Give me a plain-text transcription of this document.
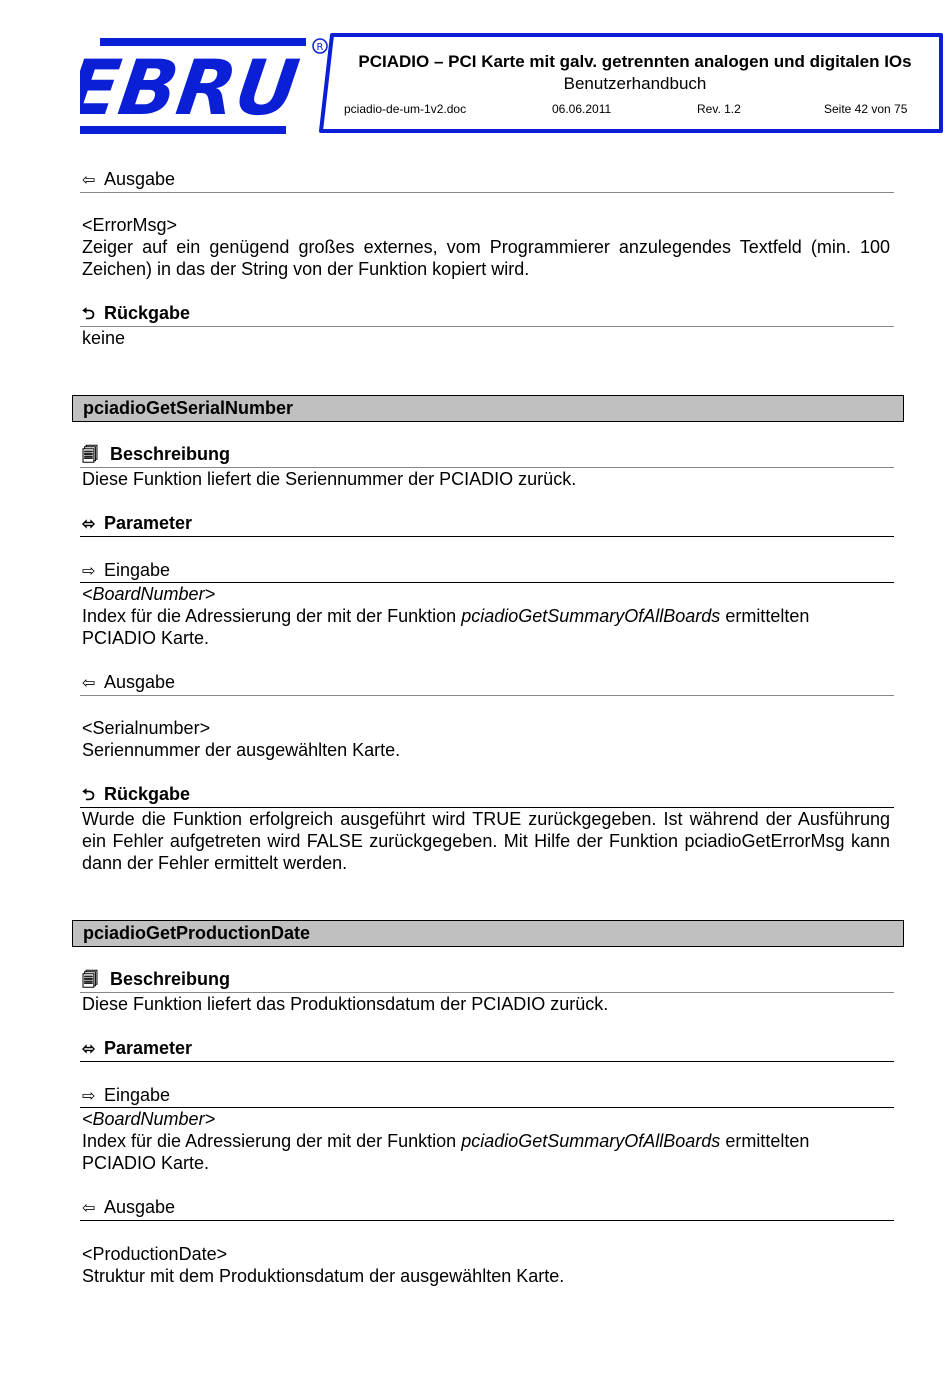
EBRU R
PCIADIO – PCI Karte mit galv. getrennten analogen und digitalen IOs
Benutzerhandbuch
pciadio-de-um-1v2.doc	06.06.2011	Rev. 1.2	Seite 42 von 75
⇦ Ausgabe
<ErrorMsg>
Zeiger auf ein genügend großes externes, vom Programmierer anzulegendes Textfeld (min. 100 Zeichen) in das der String von der Funktion kopiert wird.
⮌ Rückgabe
keine
pciadioGetSerialNumber
🗐 Beschreibung
Diese Funktion liefert die Seriennummer der PCIADIO zurück.
⬄ Parameter
⇨ Eingabe
<BoardNumber>
Index für die Adressierung der mit der Funktion pciadioGetSummaryOfAllBoards ermittelten
PCIADIO Karte.
⇦ Ausgabe
<Serialnumber>
Seriennummer der ausgewählten Karte.
⮌ Rückgabe
Wurde die Funktion erfolgreich ausgeführt wird TRUE zurückgegeben. Ist während der Ausführung ein Fehler aufgetreten wird FALSE zurückgegeben. Mit Hilfe der Funktion pciadioGetErrorMsg kann dann der Fehler ermittelt werden.
pciadioGetProductionDate
🗐 Beschreibung
Diese Funktion liefert das Produktionsdatum der PCIADIO zurück.
⬄ Parameter
⇨ Eingabe
<BoardNumber>
Index für die Adressierung der mit der Funktion pciadioGetSummaryOfAllBoards ermittelten
PCIADIO Karte.
⇦ Ausgabe
<ProductionDate>
Struktur mit dem Produktionsdatum der ausgewählten Karte.
